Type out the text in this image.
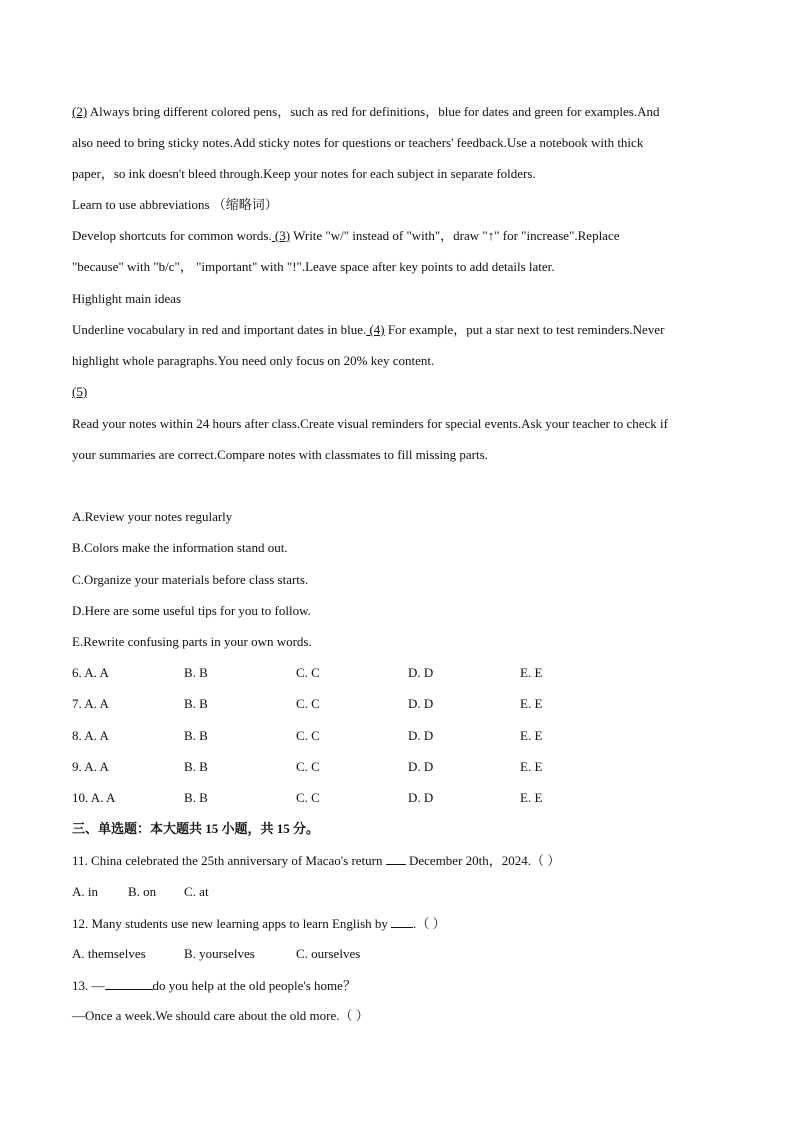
(2) Always bring different colored pens，such as red for definitions，blue for dates and green for examples.And
also need to bring sticky notes.Add sticky notes for questions or teachers' feedback.Use a notebook with thick
paper，so ink doesn't bleed through.Keep your notes for each subject in separate folders.
Learn to use abbreviations （缩略词）
Develop shortcuts for common words. (3) Write "w/" instead of "with"，draw "↑" for "increase".Replace
"because" with "b/c"， "important" with "!".Leave space after key points to add details later.
Highlight main ideas
Underline vocabulary in red and important dates in blue. (4) For example，put a star next to test reminders.Never
highlight whole paragraphs.You need only focus on 20% key content.
(5)
Read your notes within 24 hours after class.Create visual reminders for special events.Ask your teacher to check if
your summaries are correct.Compare notes with classmates to fill missing parts.
A.Review your notes regularly
B.Colors make the information stand out.
C.Organize your materials before class starts.
D.Here are some useful tips for you to follow.
E.Rewrite confusing parts in your own words.
6. A. A	B. B	C. C	D. D	E. E
7. A. A	B. B	C. C	D. D	E. E
8. A. A	B. B	C. C	D. D	E. E
9. A. A	B. B	C. C	D. D	E. E
10. A. A	B. B	C. C	D. D	E. E
三、单选题：本大题共 15 小题，共 15 分。
11. China celebrated the 25th anniversary of Macao's return  December 20th，2024.（ ）
A. in B. on C. at
12. Many students use new learning apps to learn English by .（ ）
A. themselves	B. yourselves	C. ourselves
13. —	do you help at the old people's home？
—Once a week.We should care about the old more.（ ）
